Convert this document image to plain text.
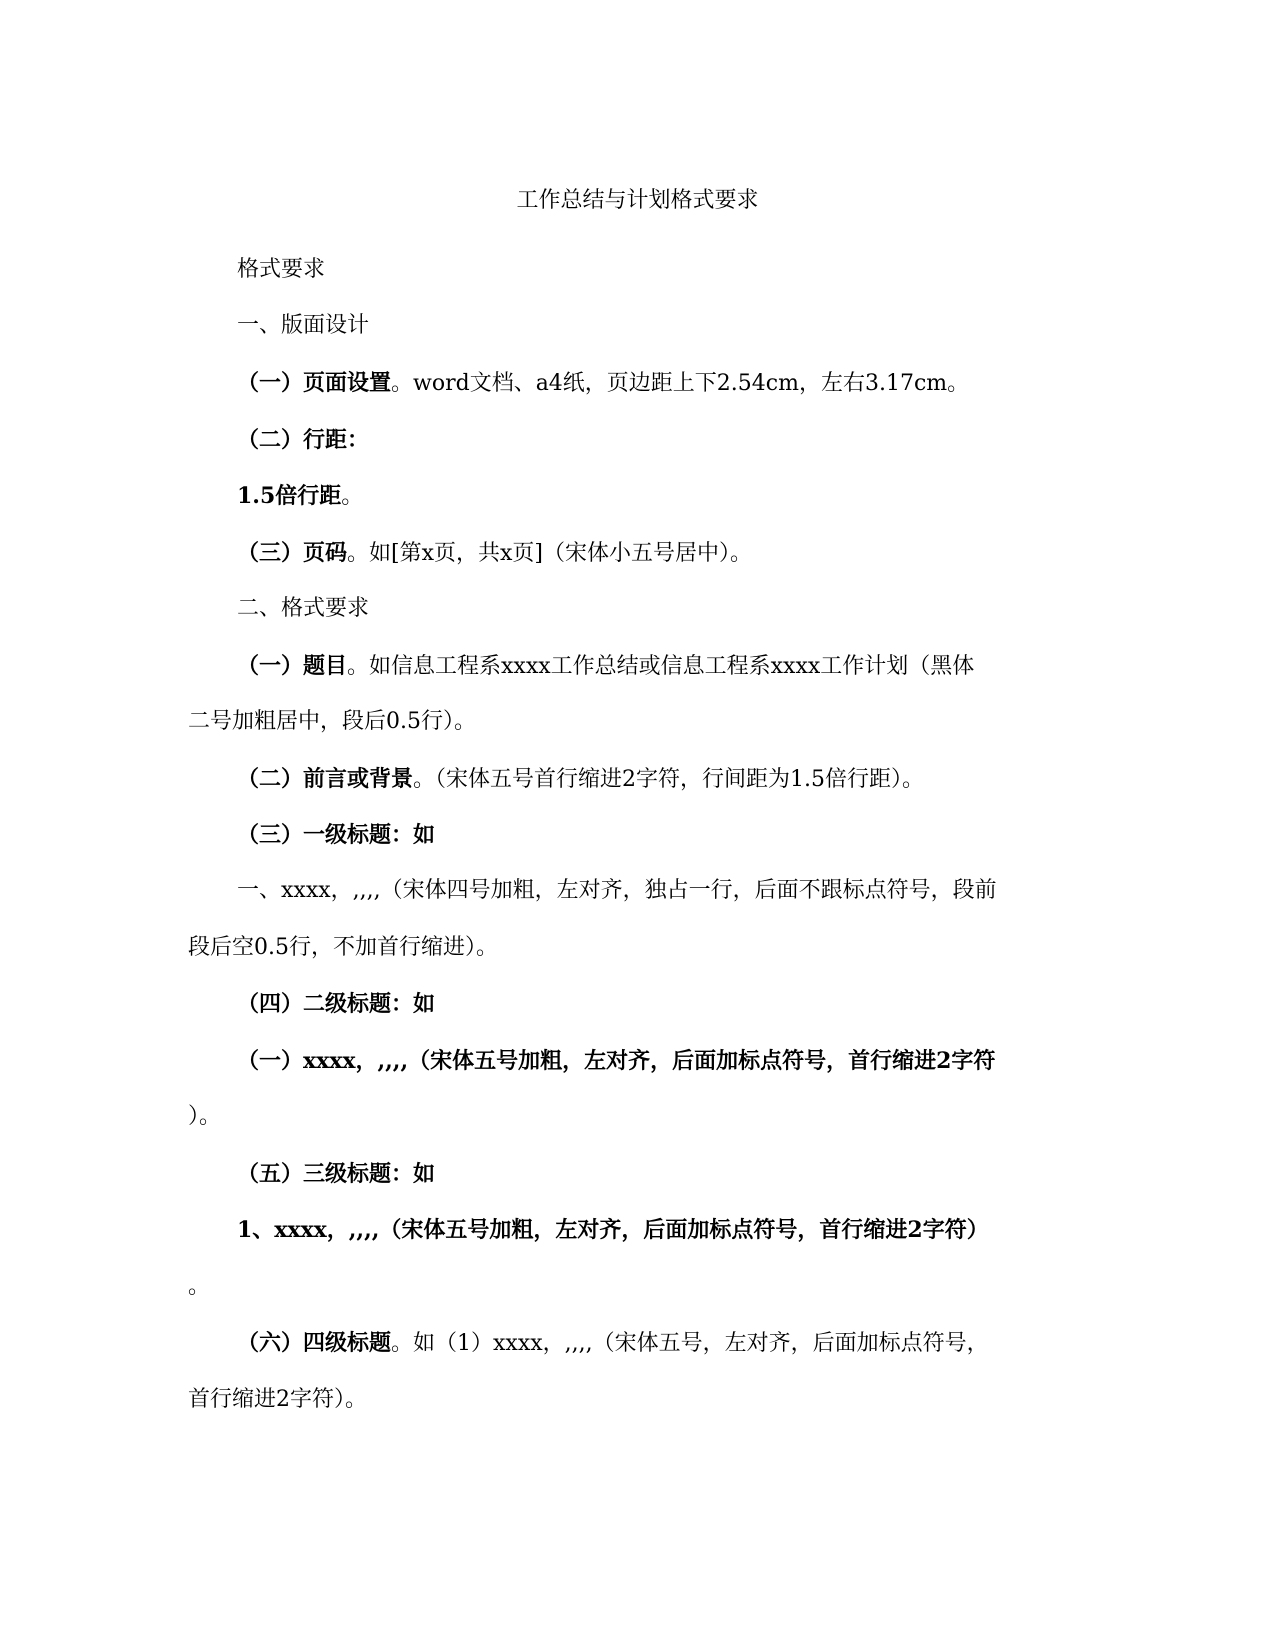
工作总结与计划格式要求
格式要求
一、版面设计
（一）页面设置。word文档、a4纸，页边距上下2.54cm，左右3.17cm。
（二）行距：
1.5倍行距。
（三）页码。如[第x页，共x页]（宋体小五号居中）。
二、格式要求
（一）题目。如信息工程系xxxx工作总结或信息工程系xxxx工作计划（黑体
二号加粗居中，段后0.5行）。
（二）前言或背景。（宋体五号首行缩进2字符，行间距为1.5倍行距）。
（三）一级标题：如
一、xxxx，,,,,（宋体四号加粗，左对齐，独占一行，后面不跟标点符号，段前
段后空0.5行，不加首行缩进）。
（四）二级标题：如
（一）xxxx，,,,,（宋体五号加粗，左对齐，后面加标点符号，首行缩进2字符
）。
（五）三级标题：如
1、xxxx，,,,,（宋体五号加粗，左对齐，后面加标点符号，首行缩进2字符）
。
（六）四级标题。如（1）xxxx，,,,,（宋体五号，左对齐，后面加标点符号，
首行缩进2字符）。
